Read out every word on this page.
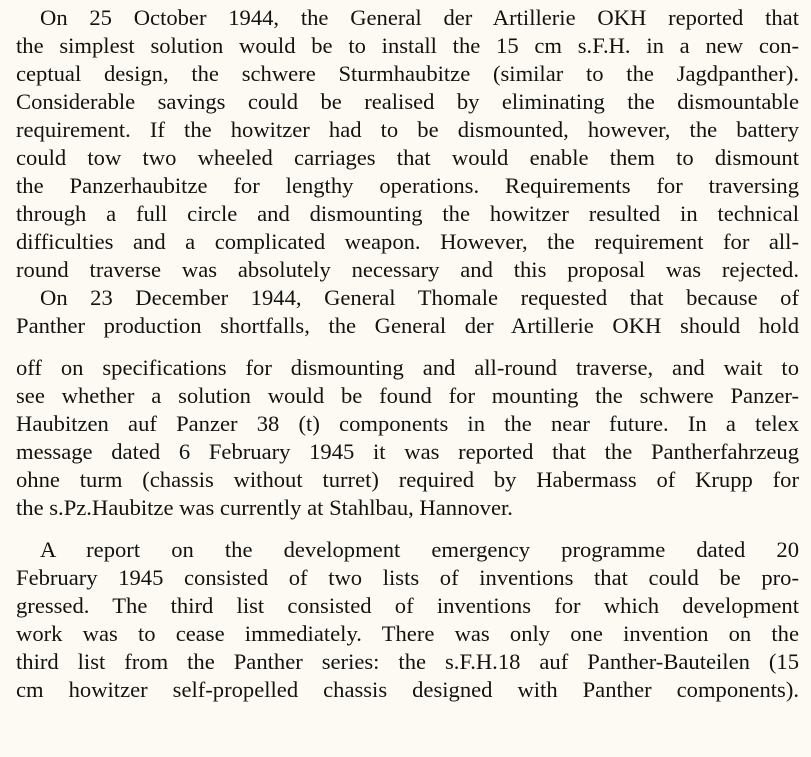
On 25 October 1944, the General der Artillerie OKH reported that
the simplest solution would be to install the 15 cm s.F.H. in a new con-
ceptual design, the schwere Sturmhaubitze (similar to the Jagdpanther).
Considerable savings could be realised by eliminating the dismountable
requirement. If the howitzer had to be dismounted, however, the battery
could tow two wheeled carriages that would enable them to dismount
the Panzerhaubitze for lengthy operations. Requirements for traversing
through a full circle and dismounting the howitzer resulted in technical
difficulties and a complicated weapon. However, the requirement for all-
round traverse was absolutely necessary and this proposal was rejected.
On 23 December 1944, General Thomale requested that because of
Panther production shortfalls, the General der Artillerie OKH should hold
off on specifications for dismounting and all-round traverse, and wait to
see whether a solution would be found for mounting the schwere Panzer-
Haubitzen auf Panzer 38 (t) components in the near future. In a telex
message dated 6 February 1945 it was reported that the Pantherfahrzeug
ohne turm (chassis without turret) required by Habermass of Krupp for
the s.Pz.Haubitze was currently at Stahlbau, Hannover.
A report on the development emergency programme dated 20
February 1945 consisted of two lists of inventions that could be pro-
gressed. The third list consisted of inventions for which development
work was to cease immediately. There was only one invention on the
third list from the Panther series: the s.F.H.18 auf Panther-Bauteilen (15
cm howitzer self-propelled chassis designed with Panther components).
